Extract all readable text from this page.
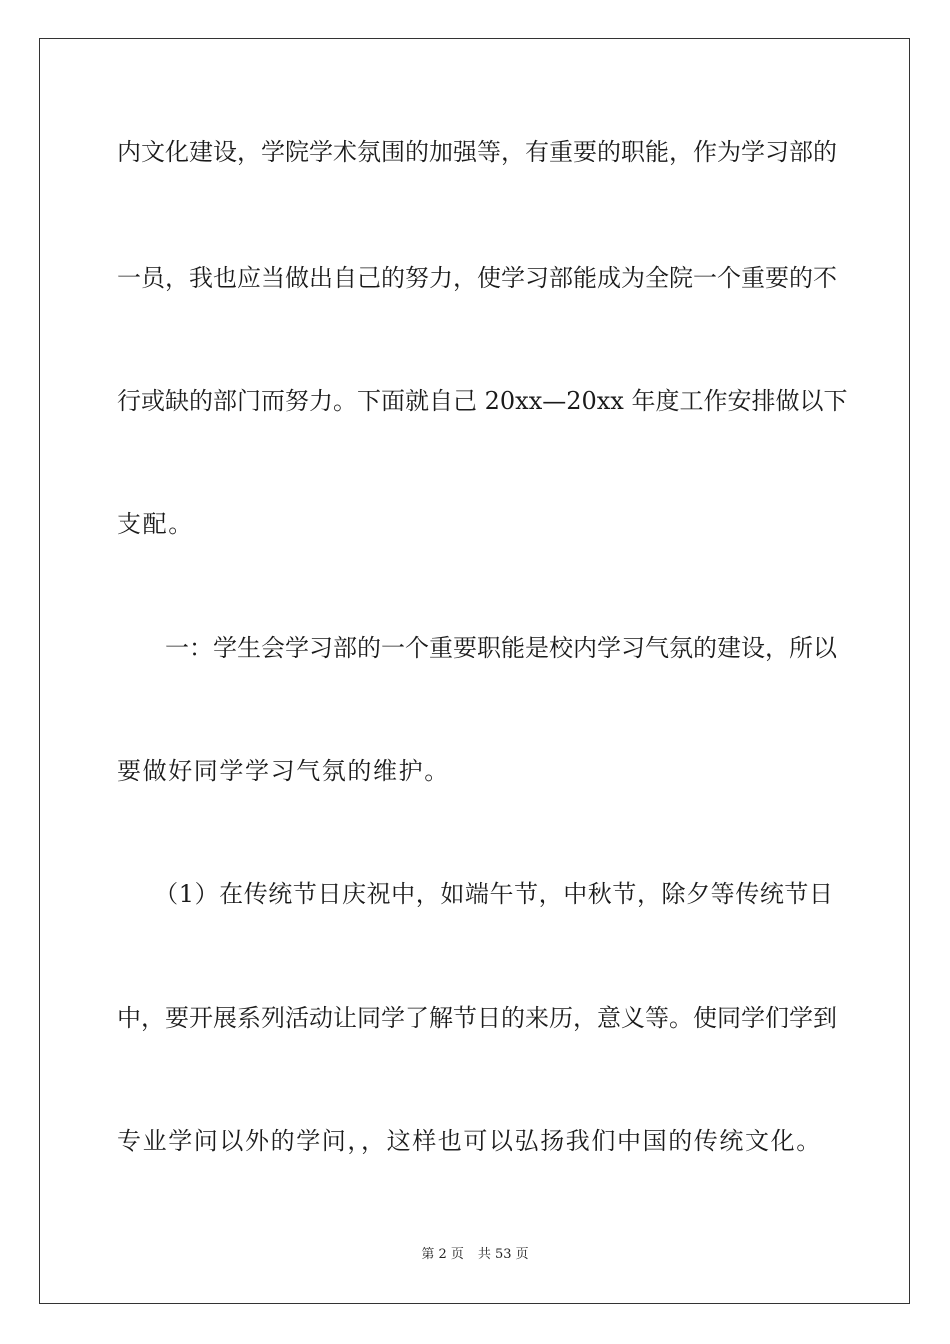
内文化建设，学院学术氛围的加强等，有重要的职能，作为学习部的
一员，我也应当做出自己的努力，使学习部能成为全院一个重要的不
行或缺的部门而努力。下面就自己 20xx—20xx 年度工作安排做以下
支配。
　　一：学生会学习部的一个重要职能是校内学习气氛的建设，所以
要做好同学学习气氛的维护。
　　（1）在传统节日庆祝中，如端午节，中秋节，除夕等传统节日
中，要开展系列活动让同学了解节日的来历，意义等。使同学们学到
专业学问以外的学问，，这样也可以弘扬我们中国的传统文化。
第 2 页 共 53 页
